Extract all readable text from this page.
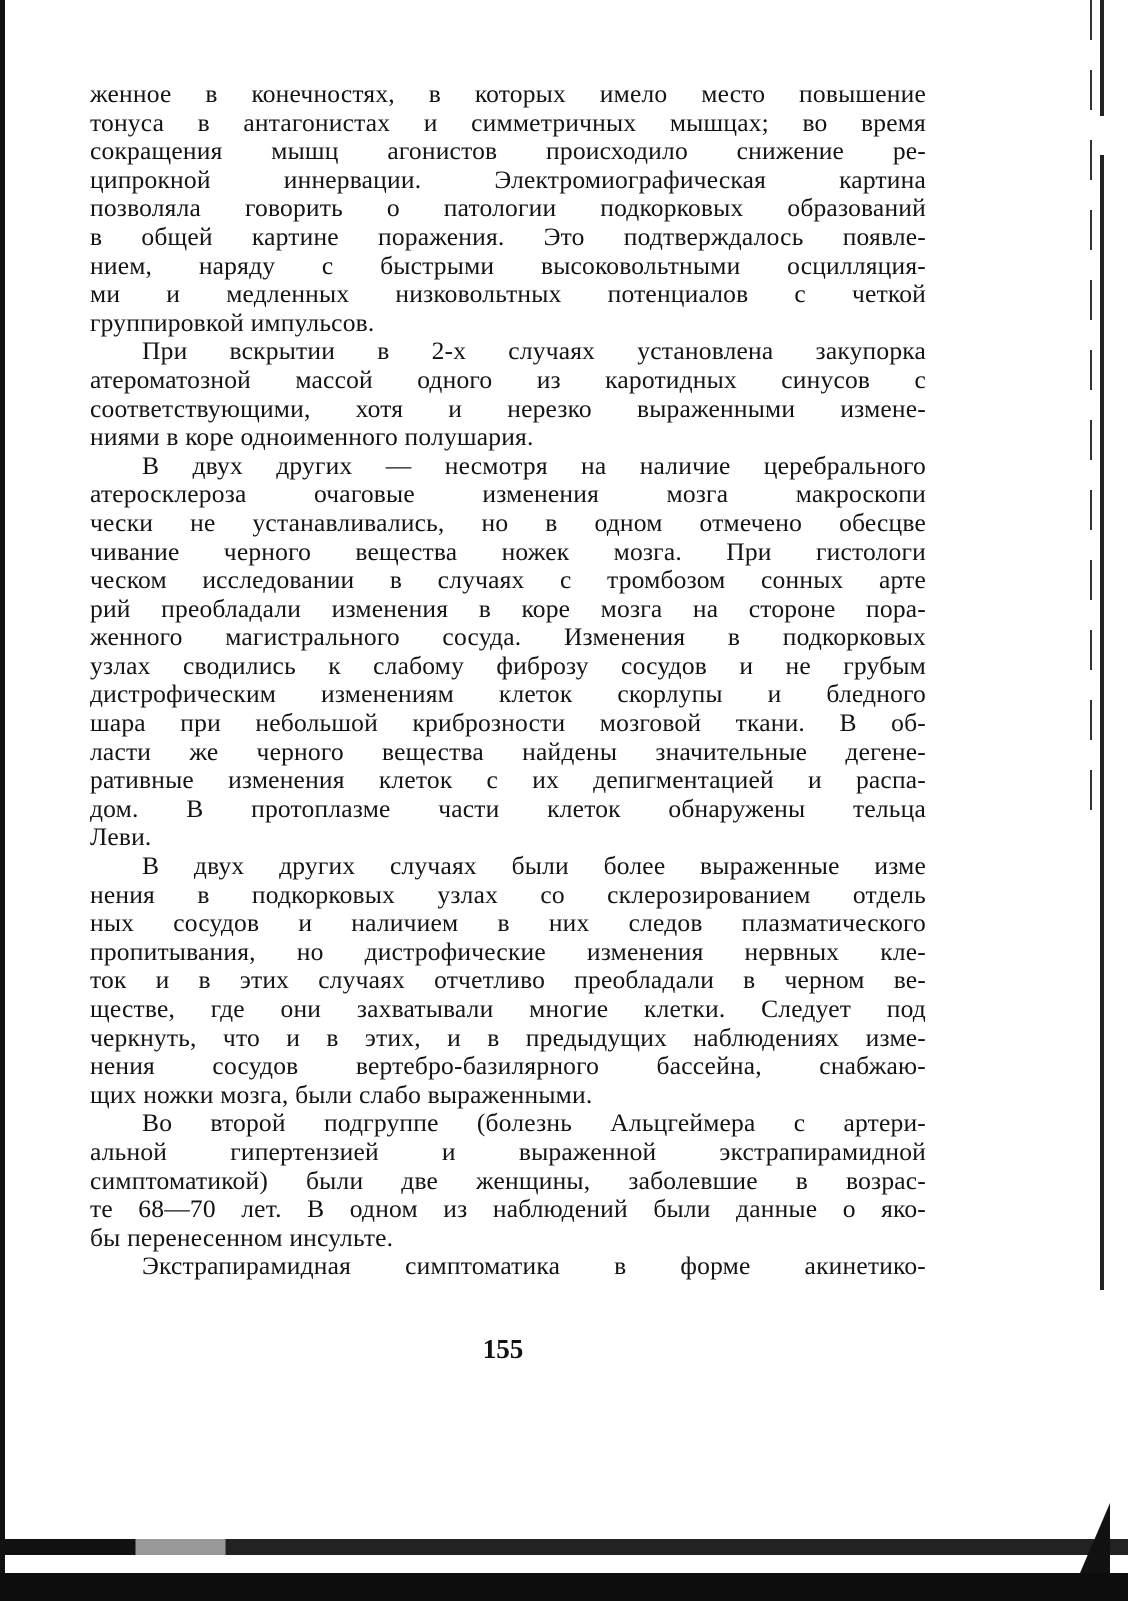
женное в конечностях, в которых имело место повышение
тонуса в антагонистах и симметричных мышцах; во время
сокращения мышц агонистов происходило снижение ре-
ципрокной иннервации. Электромиографическая картина
позволяла говорить о патологии подкорковых образований
в общей картине поражения. Это подтверждалось появле-
нием, наряду с быстрыми высоковольтными осцилляция-
ми и медленных низковольтных потенциалов с четкой
группировкой импульсов.

При вскрытии в 2-х случаях установлена закупорка
атероматозной массой одного из каротидных синусов с
соответствующими, хотя и нерезко выраженными измене-
ниями в коре одноименного полушария.

В двух других — несмотря на наличие церебрального
атеросклероза очаговые изменения мозга макроскопи
чески не устанавливались, но в одном отмечено обесцве
чивание черного вещества ножек мозга. При гистологи
ческом исследовании в случаях с тромбозом сонных арте
рий преобладали изменения в коре мозга на стороне пора-
женного магистрального сосуда. Изменения в подкорковых
узлах сводились к слабому фиброзу сосудов и не грубым
дистрофическим изменениям клеток скорлупы и бледного
шара при небольшой криброзности мозговой ткани. В об-
ласти же черного вещества найдены значительные дегене-
ративные изменения клеток с их депигментацией и распа-
дом. В протоплазме части клеток обнаружены тельца
Леви.

В двух других случаях были более выраженные изме
нения в подкорковых узлах со склерозированием отдель
ных сосудов и наличием в них следов плазматического
пропитывания, но дистрофические изменения нервных кле-
ток и в этих случаях отчетливо преобладали в черном ве-
ществе, где они захватывали многие клетки. Следует под
черкнуть, что и в этих, и в предыдущих наблюдениях изме-
нения сосудов вертебро-базилярного бассейна, снабжаю-
щих ножки мозга, были слабо выраженными.

Во второй подгруппе (болезнь Альцгеймера с артери-
альной гипертензией и выраженной экстрапирамидной
симптоматикой) были две женщины, заболевшие в возрас-
те 68—70 лет. В одном из наблюдений были данные о яко-
бы перенесенном инсульте.

Экстрапирамидная симптоматика в форме акинетико-

155
